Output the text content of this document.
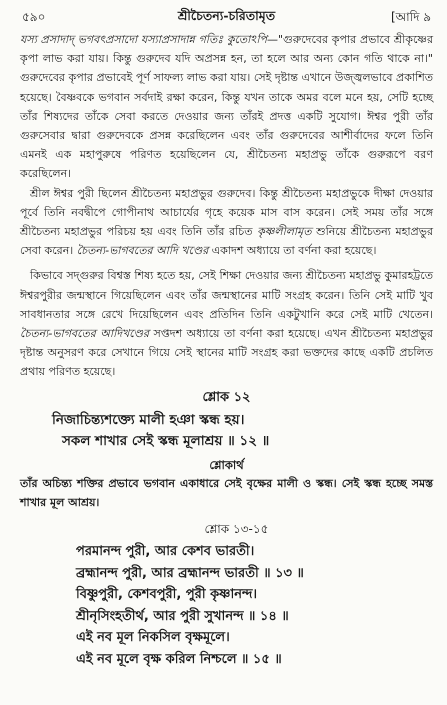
৫৯০	শ্রীচৈতন্য-চরিতামৃত	[আদি ৯

যস্য প্রসাদাদ্ ভগবৎপ্রসাদো যস্যাপ্রসাদান্ন গতিঃ কুতোঽপি—"গুরুদেবের কৃপার প্রভাবে শ্রীকৃষ্ণের কৃপা লাভ করা যায়। কিন্তু গুরুদেব যদি অপ্রসন্ন হন, তা হলে আর অন্য কোন গতি থাকে না।" গুরুদেবের কৃপার প্রভাবেই পূর্ণ সাফল্য লাভ করা যায়। সেই দৃষ্টান্ত এখানে উজ্জ্বলভাবে প্রকাশিত হয়েছে। বৈষ্ণবকে ভগবান সর্বদাই রক্ষা করেন, কিন্তু যখন তাকে অমর বলে মনে হয়, সেটি হচ্ছে তাঁর শিষ্যদের তাঁকে সেবা করতে দেওয়ার জন্য তাঁরই প্রদত্ত একটি সুযোগ। ঈশ্বর পুরী তাঁর গুরুসেবার দ্বারা গুরুদেবকে প্রসন্ন করেছিলেন এবং তাঁর গুরুদেবের আশীর্বাদের ফলে তিনি এমনই এক মহাপুরুষে পরিণত হয়েছিলেন যে, শ্রীচৈতন্য মহাপ্রভু তাঁকে গুরুরূপে বরণ করেছিলেন।

শ্রীল ঈশ্বর পুরী ছিলেন শ্রীচৈতন্য মহাপ্রভুর গুরুদেব। কিন্তু শ্রীচৈতন্য মহাপ্রভুকে দীক্ষা দেওয়ার পূর্বে তিনি নবদ্বীপে গোপীনাথ আচার্যের গৃহে কয়েক মাস বাস করেন। সেই সময় তাঁর সঙ্গে শ্রীচৈতন্য মহাপ্রভুর পরিচয় হয় এবং তিনি তাঁর রচিত কৃষ্ণলীলামৃত শুনিয়ে শ্রীচৈতন্য মহাপ্রভুর সেবা করেন। চৈতন্য-ভাগবতের আদি খণ্ডের একাদশ অধ্যায়ে তা বর্ণনা করা হয়েছে।

কিভাবে সদ্গুরুর বিশ্বস্ত শিষ্য হতে হয়, সেই শিক্ষা দেওয়ার জন্য শ্রীচৈতন্য মহাপ্রভু কুমারহট্টতে ঈশ্বরপুরীর জন্মস্থানে গিয়েছিলেন এবং তাঁর জন্মস্থানের মাটি সংগ্রহ করেন। তিনি সেই মাটি খুব সাবধানতার সঙ্গে রেখে দিয়েছিলেন এবং প্রতিদিন তিনি একটুখানি করে সেই মাটি খেতেন। চৈতন্য-ভাগবতের আদিখণ্ডের সপ্তদশ অধ্যায়ে তা বর্ণনা করা হয়েছে। এখন শ্রীচৈতন্য মহাপ্রভুর দৃষ্টান্ত অনুসরণ করে সেখানে গিয়ে সেই স্থানের মাটি সংগ্রহ করা ভক্তদের কাছে একটি প্রচলিত প্রথায় পরিণত হয়েছে।

শ্লোক ১২
নিজাচিন্ত্যশক্ত্যে মালী হঞা স্কন্ধ হয়।
সকল শাখার সেই স্কন্ধ মূলাশ্রয় ॥ ১২ ॥
শ্লোকার্থ

তাঁর অচিন্ত্য শক্তির প্রভাবে ভগবান একাধারে সেই বৃক্ষের মালী ও স্কন্ধ। সেই স্কন্ধ হচ্ছে সমস্ত শাখার মূল আশ্রয়।

শ্লোক ১৩-১৫
পরমানন্দ পুরী, আর কেশব ভারতী।
ব্রহ্মানন্দ পুরী, আর ব্রহ্মানন্দ ভারতী ॥ ১৩ ॥
বিষ্ণুপুরী, কেশবপুরী, পুরী কৃষ্ণানন্দ।
শ্রীনৃসিংহতীর্থ, আর পুরী সুখানন্দ ॥ ১৪ ॥
এই নব মূল নিকসিল বৃক্ষমূলে।
এই নব মূলে বৃক্ষ করিল নিশ্চলে ॥ ১৫ ॥
